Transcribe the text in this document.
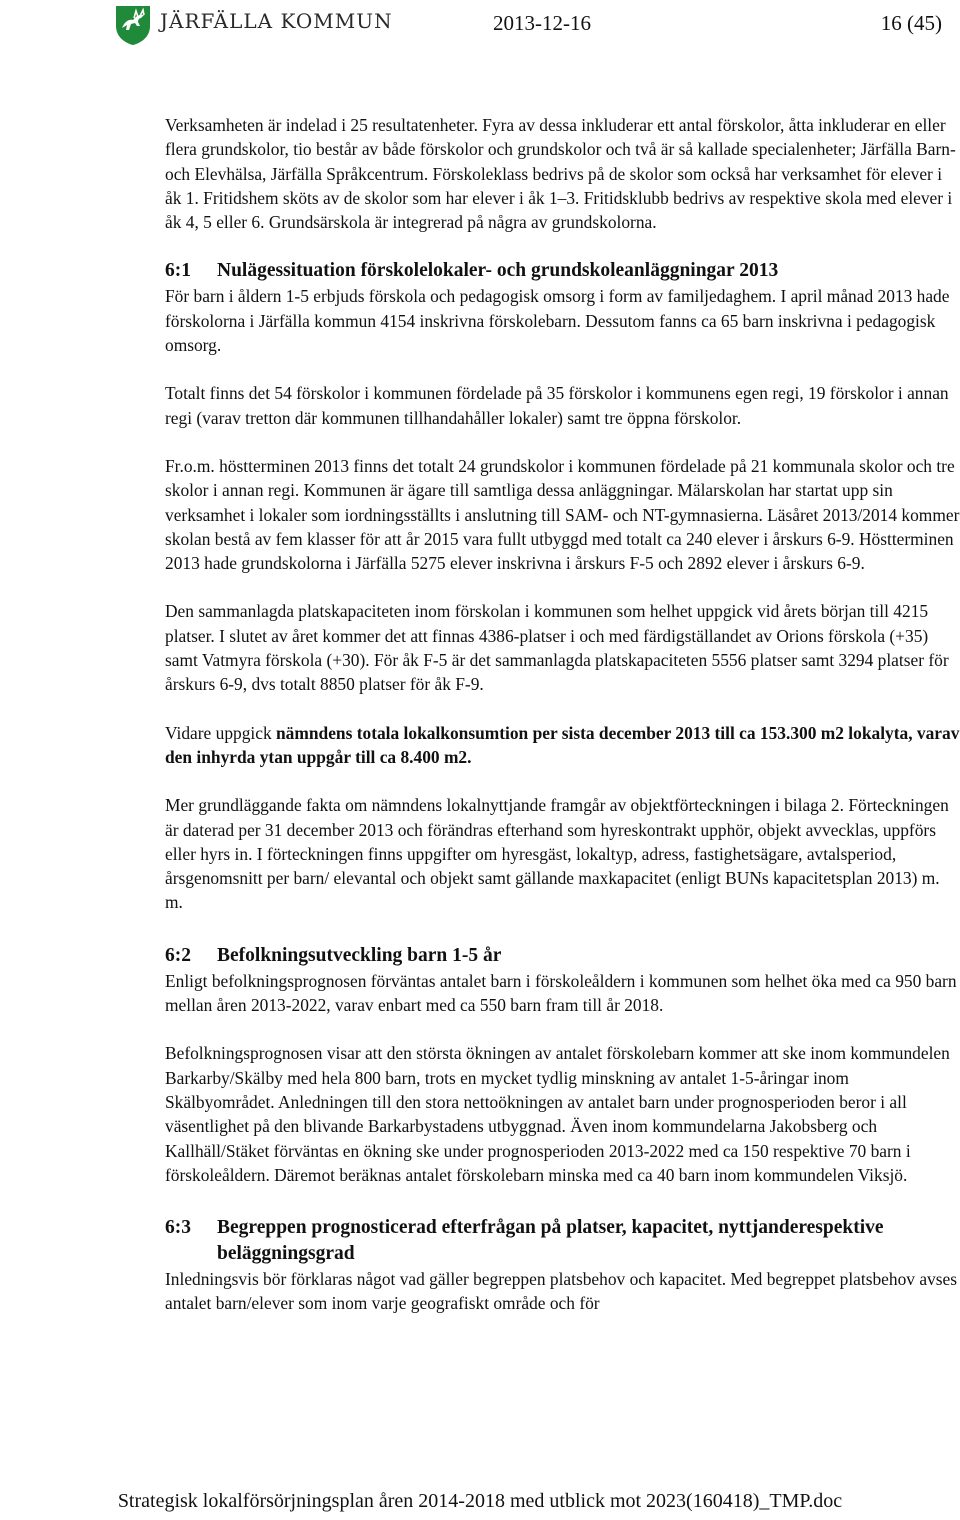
JÄRFÄLLA KOMMUN	2013-12-16	16 (45)

Verksamheten är indelad i 25 resultatenheter. Fyra av dessa inkluderar ett antal förskolor, åtta inkluderar en eller flera grundskolor, tio består av både förskolor och grundskolor och två är så kallade specialenheter; Järfälla Barn- och Elevhälsa, Järfälla Språkcentrum. Förskoleklass bedrivs på de skolor som också har verksamhet för elever i åk 1. Fritidshem sköts av de skolor som har elever i åk 1–3. Fritidsklubb bedrivs av respektive skola med elever i åk 4, 5 eller 6. Grundsärskola är integrerad på några av grundskolorna.

6:1 Nulägessituation förskolelokaler- och grundskoleanläggningar 2013

För barn i åldern 1-5 erbjuds förskola och pedagogisk omsorg i form av familjedaghem. I april månad 2013 hade förskolorna i Järfälla kommun 4154 inskrivna förskolebarn. Dessutom fanns ca 65 barn inskrivna i pedagogisk omsorg.

Totalt finns det 54 förskolor i kommunen fördelade på 35 förskolor i kommunens egen regi, 19 förskolor i annan regi (varav tretton där kommunen tillhandahåller lokaler) samt tre öppna förskolor.

Fr.o.m. höstterminen 2013 finns det totalt 24 grundskolor i kommunen fördelade på 21 kommunala skolor och tre skolor i annan regi. Kommunen är ägare till samtliga dessa anläggningar. Mälarskolan har startat upp sin verksamhet i lokaler som iordningsställts i anslutning till SAM- och NT-gymnasierna. Läsåret 2013/2014 kommer skolan bestå av fem klasser för att år 2015 vara fullt utbyggd med totalt ca 240 elever i årskurs 6-9. Höstterminen 2013 hade grundskolorna i Järfälla 5275 elever inskrivna i årskurs F-5 och 2892 elever i årskurs 6-9.

Den sammanlagda platskapaciteten inom förskolan i kommunen som helhet uppgick vid årets början till 4215 platser. I slutet av året kommer det att finnas 4386-platser i och med färdigställandet av Orions förskola (+35) samt Vatmyra förskola (+30). För åk F-5 är det sammanlagda platskapaciteten 5556 platser samt 3294 platser för årskurs 6-9, dvs totalt 8850 platser för åk F-9.

Vidare uppgick nämndens totala lokalkonsumtion per sista december 2013 till ca 153.300 m2 lokalyta, varav den inhyrda ytan uppgår till ca 8.400 m2.

Mer grundläggande fakta om nämndens lokalnyttjande framgår av objektförteckningen i bilaga 2. Förteckningen är daterad per 31 december 2013 och förändras efterhand som hyreskontrakt upphör, objekt avvecklas, uppförs eller hyrs in. I förteckningen finns uppgifter om hyresgäst, lokaltyp, adress, fastighetsägare, avtalsperiod, årsgenomsnitt per barn/ elevantal och objekt samt gällande maxkapacitet (enligt BUNs kapacitetsplan 2013) m. m.

6:2 Befolkningsutveckling barn 1-5 år

Enligt befolkningsprognosen förväntas antalet barn i förskoleåldern i kommunen som helhet öka med ca 950 barn mellan åren 2013-2022, varav enbart med ca 550 barn fram till år 2018.

Befolkningsprognosen visar att den största ökningen av antalet förskolebarn kommer att ske inom kommundelen Barkarby/Skälby med hela 800 barn, trots en mycket tydlig minskning av antalet 1-5-åringar inom Skälbyområdet. Anledningen till den stora nettoökningen av antalet barn under prognosperioden beror i all väsentlighet på den blivande Barkarbystadens utbyggnad. Även inom kommundelarna Jakobsberg och Kallhäll/Stäket förväntas en ökning ske under prognosperioden 2013-2022 med ca 150 respektive 70 barn i förskoleåldern. Däremot beräknas antalet förskolebarn minska med ca 40 barn inom kommundelen Viksjö.

6:3 Begreppen prognosticerad efterfrågan på platser, kapacitet, nyttjanderespektive beläggningsgrad

Inledningsvis bör förklaras något vad gäller begreppen platsbehov och kapacitet. Med begreppet platsbehov avses antalet barn/elever som inom varje geografiskt område och för

Strategisk lokalförsörjningsplan åren 2014-2018 med utblick mot 2023(160418)_TMP.doc
